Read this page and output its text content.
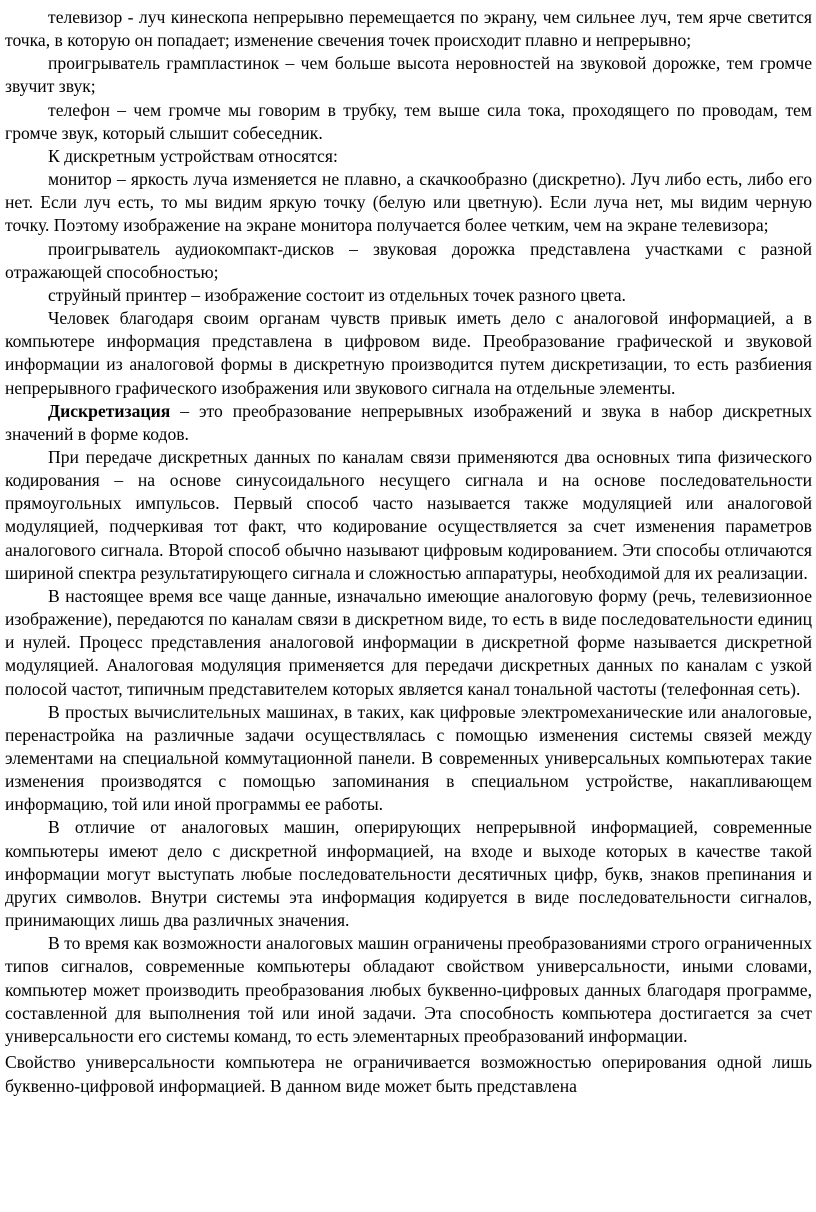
телевизор - луч кинескопа непрерывно перемещается по экрану, чем сильнее луч, тем ярче светится точка, в которую он попадает; изменение свечения точек происходит плавно и непрерывно;

проигрыватель грампластинок – чем больше высота неровностей на звуковой дорожке, тем громче звучит звук;

телефон – чем громче мы говорим в трубку, тем выше сила тока, проходящего по проводам, тем громче звук, который слышит собеседник.

К дискретным устройствам относятся:

монитор – яркость луча изменяется не плавно, а скачкообразно (дискретно). Луч либо есть, либо его нет. Если луч есть, то мы видим яркую точку (белую или цветную). Если луча нет, мы видим черную точку. Поэтому изображение на экране монитора получается более четким, чем на экране телевизора;

проигрыватель аудиокомпакт-дисков – звуковая дорожка представлена участками с разной отражающей способностью;

струйный принтер – изображение состоит из отдельных точек разного цвета.

Человек благодаря своим органам чувств привык иметь дело с аналоговой информацией, а в компьютере информация представлена в цифровом виде. Преобразование графической и звуковой информации из аналоговой формы в дискретную производится путем дискретизации, то есть разбиения непрерывного графического изображения или звукового сигнала на отдельные элементы.

Дискретизация – это преобразование непрерывных изображений и звука в набор дискретных значений в форме кодов.

При передаче дискретных данных по каналам связи применяются два основных типа физического кодирования – на основе синусоидального несущего сигнала и на основе последовательности прямоугольных импульсов. Первый способ часто называется также модуляцией или аналоговой модуляцией, подчеркивая тот факт, что кодирование осуществляется за счет изменения параметров аналогового сигнала. Второй способ обычно называют цифровым кодированием. Эти способы отличаются шириной спектра результатирующего сигнала и сложностью аппаратуры, необходимой для их реализации.

В настоящее время все чаще данные, изначально имеющие аналоговую форму (речь, телевизионное изображение), передаются по каналам связи в дискретном виде, то есть в виде последовательности единиц и нулей. Процесс представления аналоговой информации в дискретной форме называется дискретной модуляцией. Аналоговая модуляция применяется для передачи дискретных данных по каналам с узкой полосой частот, типичным представителем которых является канал тональной частоты (телефонная сеть).

В простых вычислительных машинах, в таких, как цифровые электромеханические или аналоговые, перенастройка на различные задачи осуществлялась с помощью изменения системы связей между элементами на специальной коммутационной панели. В современных универсальных компьютерах такие изменения производятся с помощью запоминания в специальном устройстве, накапливающем информацию, той или иной программы ее работы.

В отличие от аналоговых машин, оперирующих непрерывной информацией, современные компьютеры имеют дело с дискретной информацией, на входе и выходе которых в качестве такой информации могут выступать любые последовательности десятичных цифр, букв, знаков препинания и других символов. Внутри системы эта информация кодируется в виде последовательности сигналов, принимающих лишь два различных значения.

В то время как возможности аналоговых машин ограничены преобразованиями строго ограниченных типов сигналов, современные компьютеры обладают свойством универсальности, иными словами, компьютер может производить преобразования любых буквенно-цифровых данных благодаря программе, составленной для выполнения той или иной задачи. Эта способность компьютера достигается за счет универсальности его системы команд, то есть элементарных преобразований информации.

Свойство универсальности компьютера не ограничивается возможностью оперирования одной лишь буквенно-цифровой информацией. В данном виде может быть представлена
